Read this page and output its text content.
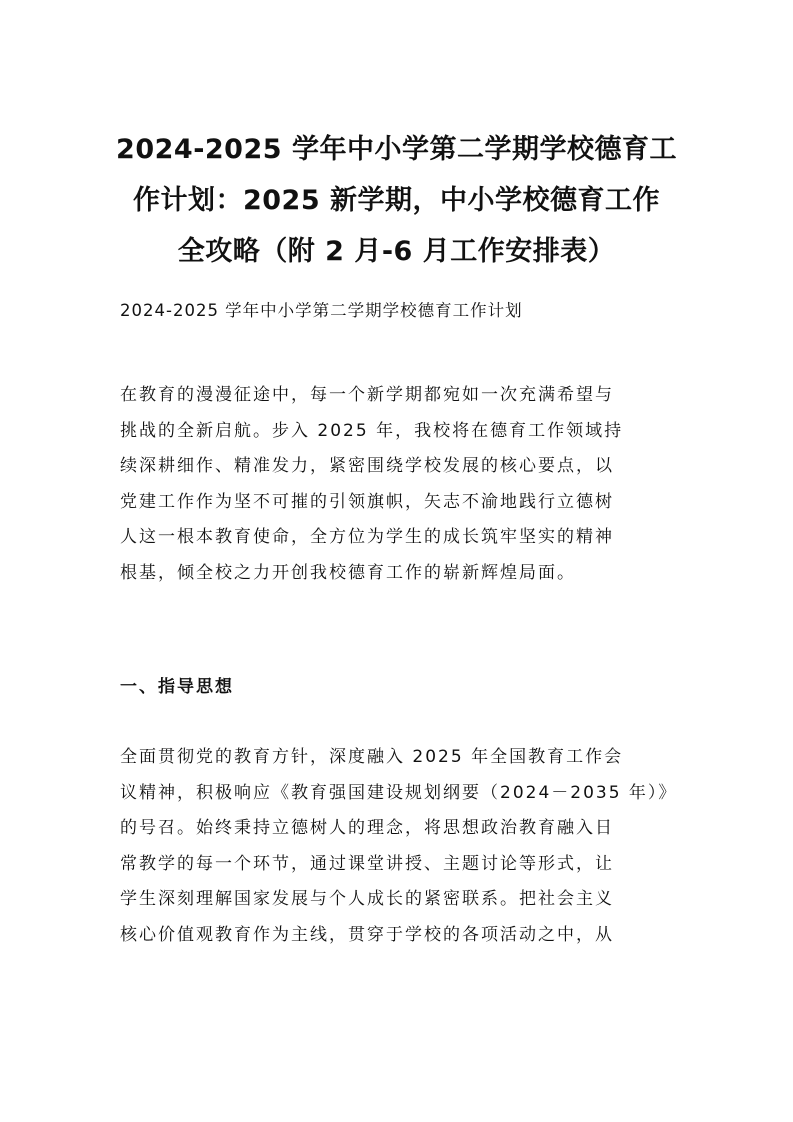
2024-2025 学年中小学第二学期学校德育工
作计划：2025 新学期，中小学校德育工作
全攻略（附 2 月-6 月工作安排表）

2024-2025 学年中小学第二学期学校德育工作计划

在教育的漫漫征途中，每一个新学期都宛如一次充满希望与
挑战的全新启航。步入 2025 年，我校将在德育工作领域持
续深耕细作、精准发力，紧密围绕学校发展的核心要点，以
党建工作作为坚不可摧的引领旗帜，矢志不渝地践行立德树
人这一根本教育使命，全方位为学生的成长筑牢坚实的精神
根基，倾全校之力开创我校德育工作的崭新辉煌局面。
一、指导思想
全面贯彻党的教育方针，深度融入 2025 年全国教育工作会
议精神，积极响应《教育强国建设规划纲要（2024－2035 年）》
的号召。始终秉持立德树人的理念，将思想政治教育融入日
常教学的每一个环节，通过课堂讲授、主题讨论等形式，让
学生深刻理解国家发展与个人成长的紧密联系。把社会主义
核心价值观教育作为主线，贯穿于学校的各项活动之中，从
